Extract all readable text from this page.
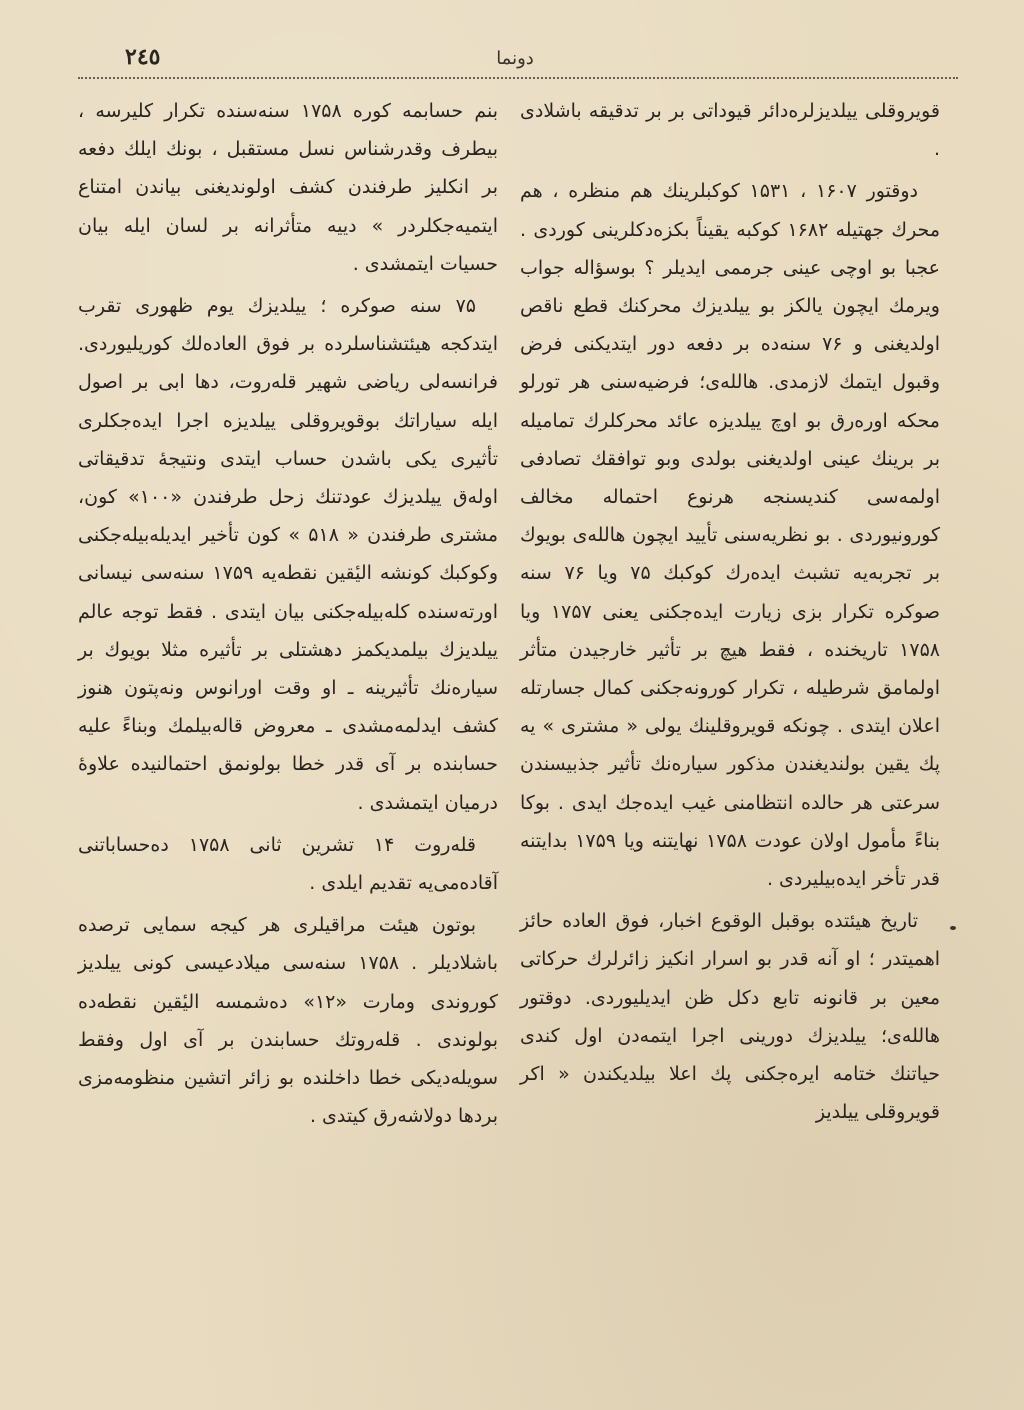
٢٤٥	دونما

قویروقلی ییلدیزلره‌دائر قیوداتی بر بر تدقیقه باشلادی .

دوقتور ۱۶۰۷ ، ۱۵۳۱ کوکبلرینك هم منظره ، هم محرك جهتیله ۱۶۸۲ کوکبه یقیناً بکزه‌دکلرینی کوردی . عجبا بو اوچی عینی جرممی ایدیلر ؟ بوسؤاله جواب ویرمك ایچون یالکز بو ییلدیزك محرکنك قطع ناقص اولدیغنی و ۷۶ سنه‌ده بر دفعه دور ایتدیکنی فرض وقبول ایتمك لازمدی. هالله‌ی؛ فرضیه‌سنی هر تورلو محکه اوره‌رق بو اوچ ییلدیزه عائد محرکلرك تمامیله بر برینك عینی اولدیغنی بولدی وبو توافقك تصادفی اولمه‌سی کندیسنجه هرنوع احتماله مخالف کورونیوردی . بو نظریه‌سنی تأیید ایچون هالله‌ی بویوك بر تجربه‌یه تشبث ایده‌رك کوکبك ۷۵ ویا ۷۶ سنه صوکره تکرار بزی زیارت ایده‌جکنی یعنی ۱۷۵۷ ویا ۱۷۵۸ تاریخنده ، فقط هیچ بر تأثیر خارجیدن متأثر اولمامق شرطیله ، تکرار کورونه‌جکنی کمال جسارتله اعلان ایتدی . چونکه قویروقلینك یولی « مشتری » یه پك یقین بولندیغندن مذکور سیاره‌نك تأثیر جذبیسندن سرعتی هر حالده انتظامنی غیب ایده‌جك ایدی . بوکا بناءً مأمول اولان عودت ۱۷۵۸ نهایتنه ویا ۱۷۵۹ بدایتنه قدر تأخر ایده‌بیلیردی .

تاریخ هیئتده بوقبل الوقوع اخبار، فوق العاده حائز اهمیتدر ؛ او آنه قدر بو اسرار انکیز زائرلرك حرکاتی معین بر قانونه تابع دکل ظن ایدیلیوردی. دوقتور هالله‌ی؛ ییلدیزك دورینی اجرا ایتمه‌دن اول کندی حیاتنك ختامه ایره‌جکنی پك اعلا بیلدیکندن « اکر قویروقلی ییلدیز

بنم حسابمه کوره ۱۷۵۸ سنه‌سنده تکرار کلیرسه ، بیطرف وقدرشناس نسل مستقبل ، بونك ایلك دفعه بر انکلیز طرفندن کشف اولوندیغنی بیاندن امتناع ایتمیه‌جکلردر » دییه متأثرانه بر لسان ایله بیان حسیات ایتمشدی .

۷۵ سنه صوکره ؛ ییلدیزك یوم ظهوری تقرب ایتدکجه هیئتشناسلرده بر فوق العاده‌لك کوریلیوردی. فرانسه‌لی ریاضی شهیر قله‌روت، دها ابی بر اصول ایله سیاراتك بوقویروقلی ییلدیزه اجرا ایده‌جکلری تأثیری یکی باشدن حساب ایتدی ونتیجهٔ تدقیقاتی اوله‌ق ییلدیزك عودتنك زحل طرفندن «۱۰۰» کون، مشتری طرفندن « ۵۱۸ » کون تأخیر ایدیله‌بیله‌جکنی وکوکبك کونشه الیٔقین نقطه‌یه ۱۷۵۹ سنه‌سی نیسانی اورته‌سنده کله‌بیله‌جکنی بیان ایتدی . فقط توجه عالم ییلدیزك بیلمدیکمز دهشتلی بر تأثیره مثلا بویوك بر سیاره‌نك تأثیرینه ـ او وقت اورانوس ونه‌پتون هنوز کشف ایدلمه‌مشدی ـ معروض قاله‌بیلمك وبناءً علیه حسابنده بر آی قدر خطا بولونمق احتمالنیده علاوهٔ درمیان ایتمشدی .

قله‌روت ۱۴ تشرین ثانی ۱۷۵۸ ده‌حساباتنی آقاده‌می‌یه تقدیم ایلدی .

بوتون هیئت مراقیلری هر کیجه سمایی ترصده باشلادیلر . ۱۷۵۸ سنه‌سی میلادعیسی کونی ییلدیز کوروندی ومارت «۱۲» ده‌شمسه الیٔقین نقطه‌ده بولوندی . قله‌روتك حسابندن بر آی اول وفقط سویله‌دیکی خطا داخلنده بو زائر اتشین منظومه‌مزی بردها دولاشه‌رق کیتدی .
